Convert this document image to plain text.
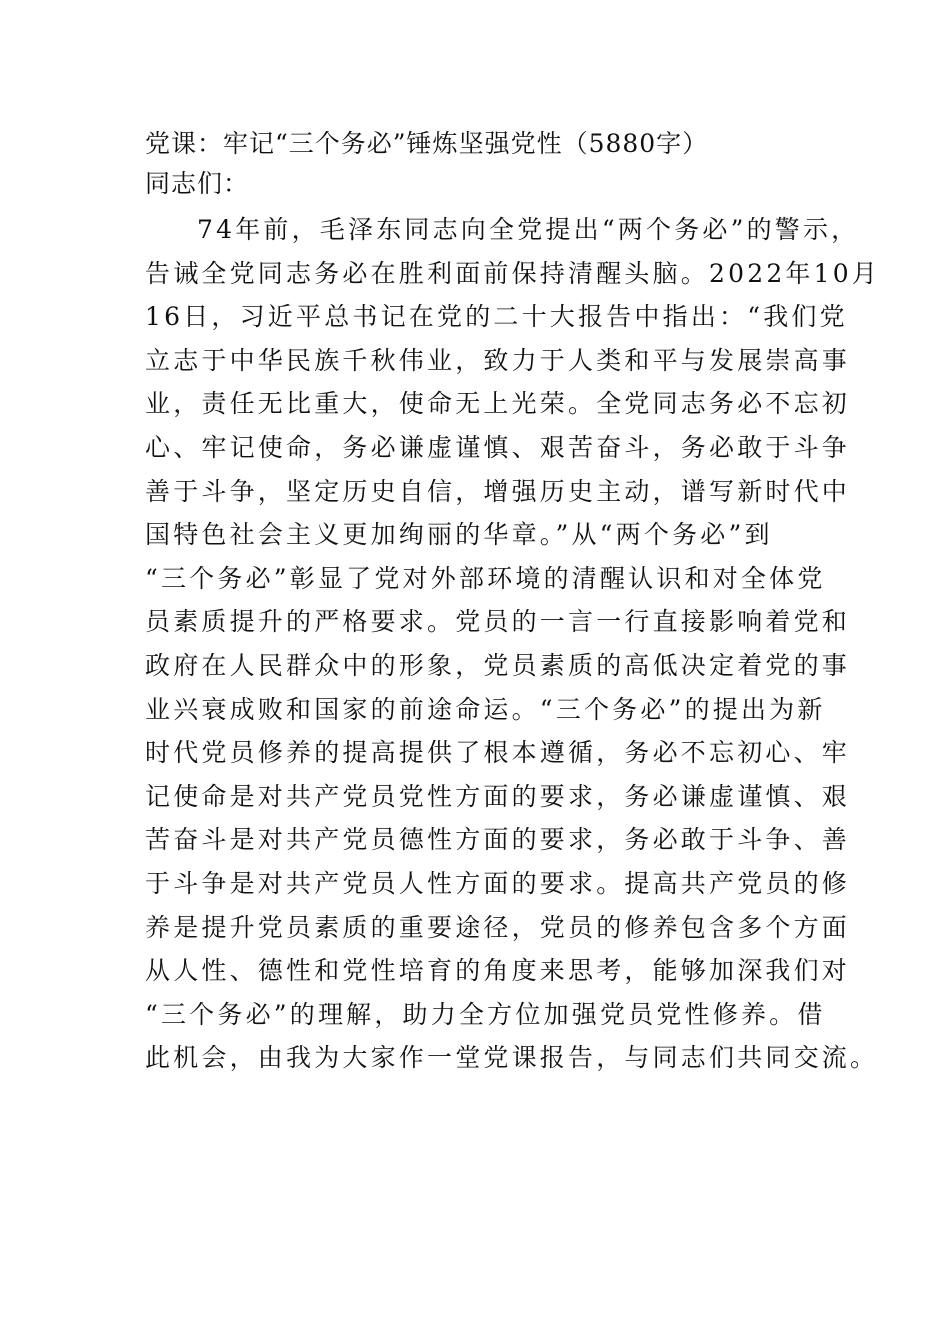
党课：牢记“三个务必”锤炼坚强党性（5880字）
同志们：
74年前，毛泽东同志向全党提出“两个务必”的警示，
告诫全党同志务必在胜利面前保持清醒头脑。2022年10月
16日，习近平总书记在党的二十大报告中指出：“我们党
立志于中华民族千秋伟业，致力于人类和平与发展崇高事
业，责任无比重大，使命无上光荣。全党同志务必不忘初
心、牢记使命，务必谦虚谨慎、艰苦奋斗，务必敢于斗争
善于斗争，坚定历史自信，增强历史主动，谱写新时代中
国特色社会主义更加绚丽的华章。”从“两个务必”到
“三个务必”彰显了党对外部环境的清醒认识和对全体党
员素质提升的严格要求。党员的一言一行直接影响着党和
政府在人民群众中的形象，党员素质的高低决定着党的事
业兴衰成败和国家的前途命运。“三个务必”的提出为新
时代党员修养的提高提供了根本遵循，务必不忘初心、牢
记使命是对共产党员党性方面的要求，务必谦虚谨慎、艰
苦奋斗是对共产党员德性方面的要求，务必敢于斗争、善
于斗争是对共产党员人性方面的要求。提高共产党员的修
养是提升党员素质的重要途径，党员的修养包含多个方面
从人性、德性和党性培育的角度来思考，能够加深我们对
“三个务必”的理解，助力全方位加强党员党性修养。借
此机会，由我为大家作一堂党课报告，与同志们共同交流。
